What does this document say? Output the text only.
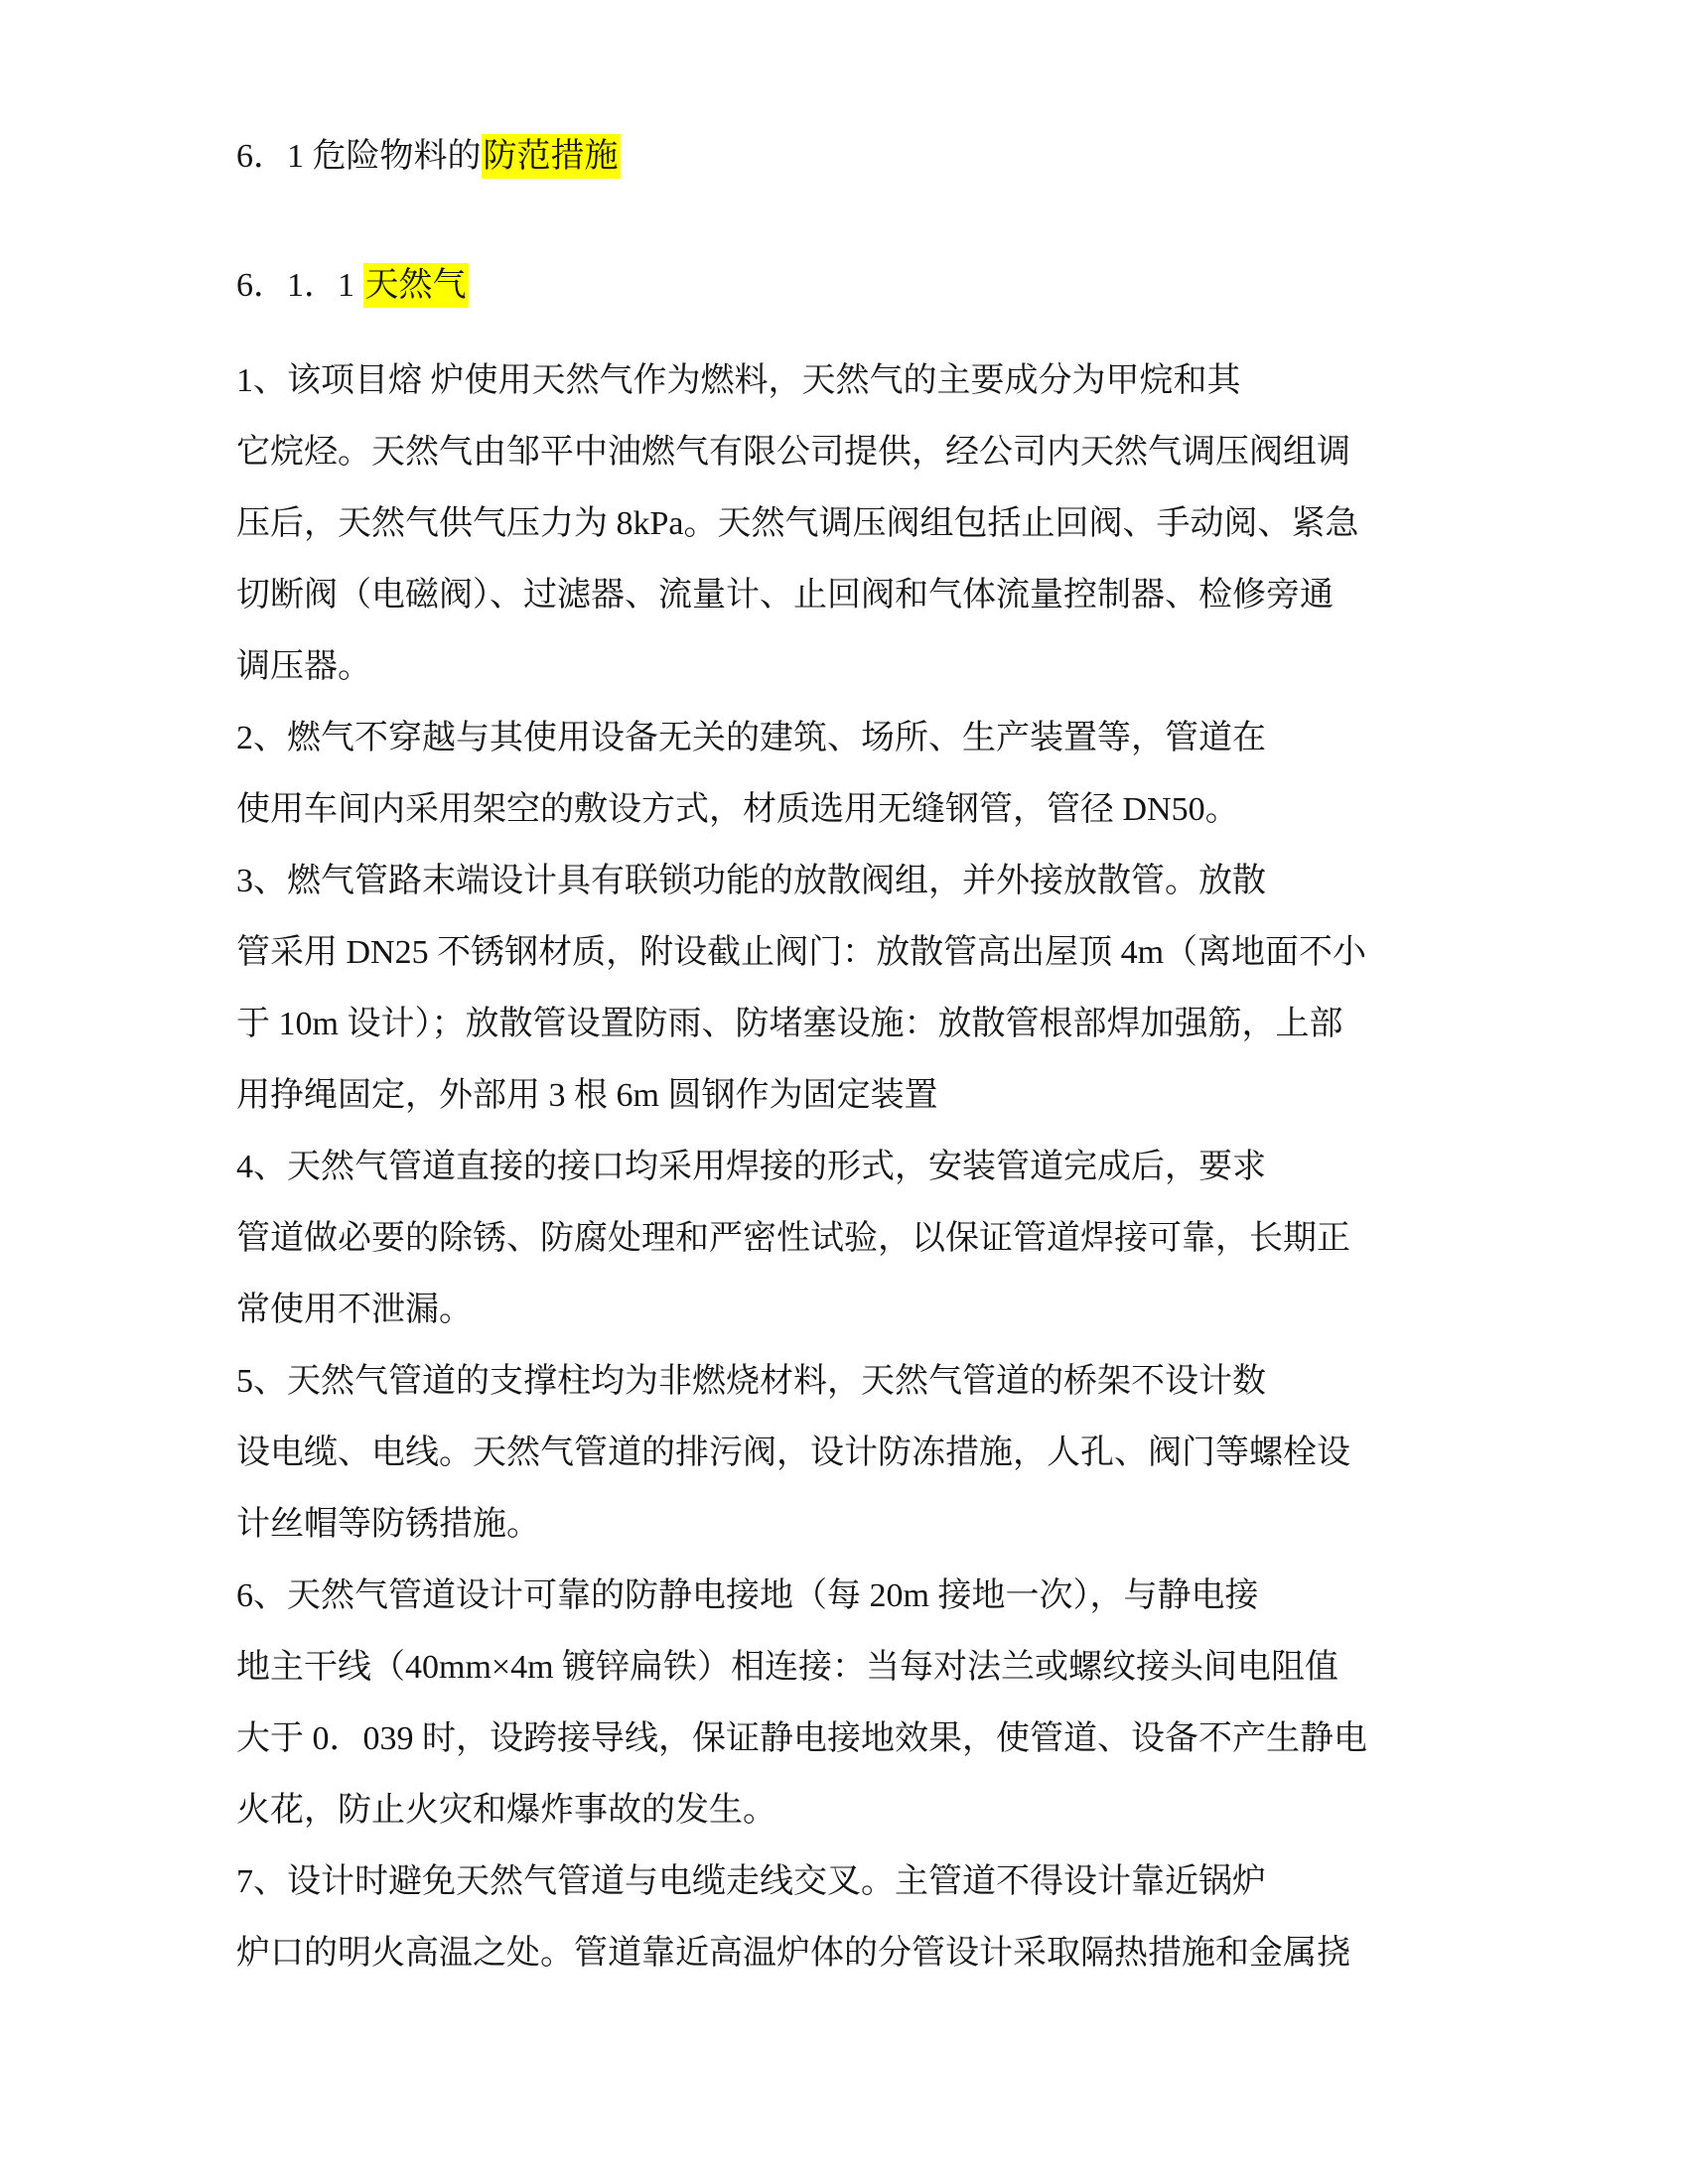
6．1 危险物料的防范措施
6．1．1 天然气
1、该项目熔 炉使用天然气作为燃料，天然气的主要成分为甲烷和其
它烷烃。天然气由邹平中油燃气有限公司提供，经公司内天然气调压阀组调
压后，天然气供气压力为 8kPa。天然气调压阀组包括止回阀、手动阅、紧急
切断阀（电磁阀）、过滤器、流量计、止回阀和气体流量控制器、检修旁通
调压器。
2、燃气不穿越与其使用设备无关的建筑、场所、生产装置等，管道在
使用车间内采用架空的敷设方式，材质选用无缝钢管，管径 DN50。
3、燃气管路末端设计具有联锁功能的放散阀组，并外接放散管。放散
管采用 DN25 不锈钢材质，附设截止阀门：放散管高出屋顶 4m（离地面不小
于 10m 设计）；放散管设置防雨、防堵塞设施：放散管根部焊加强筋，上部
用挣绳固定，外部用 3 根 6m 圆钢作为固定装置
4、天然气管道直接的接口均采用焊接的形式，安装管道完成后，要求
管道做必要的除锈、防腐处理和严密性试验，以保证管道焊接可靠，长期正
常使用不泄漏。
5、天然气管道的支撑柱均为非燃烧材料，天然气管道的桥架不设计数
设电缆、电线。天然气管道的排污阀，设计防冻措施，人孔、阀门等螺栓设
计丝帽等防锈措施。
6、天然气管道设计可靠的防静电接地（每 20m 接地一次），与静电接
地主干线（40mm×4m 镀锌扁铁）相连接：当每对法兰或螺纹接头间电阻值
大于 0．039 时，设跨接导线，保证静电接地效果，使管道、设备不产生静电
火花，防止火灾和爆炸事故的发生。
7、设计时避免天然气管道与电缆走线交叉。主管道不得设计靠近锅炉
炉口的明火高温之处。管道靠近高温炉体的分管设计采取隔热措施和金属挠
